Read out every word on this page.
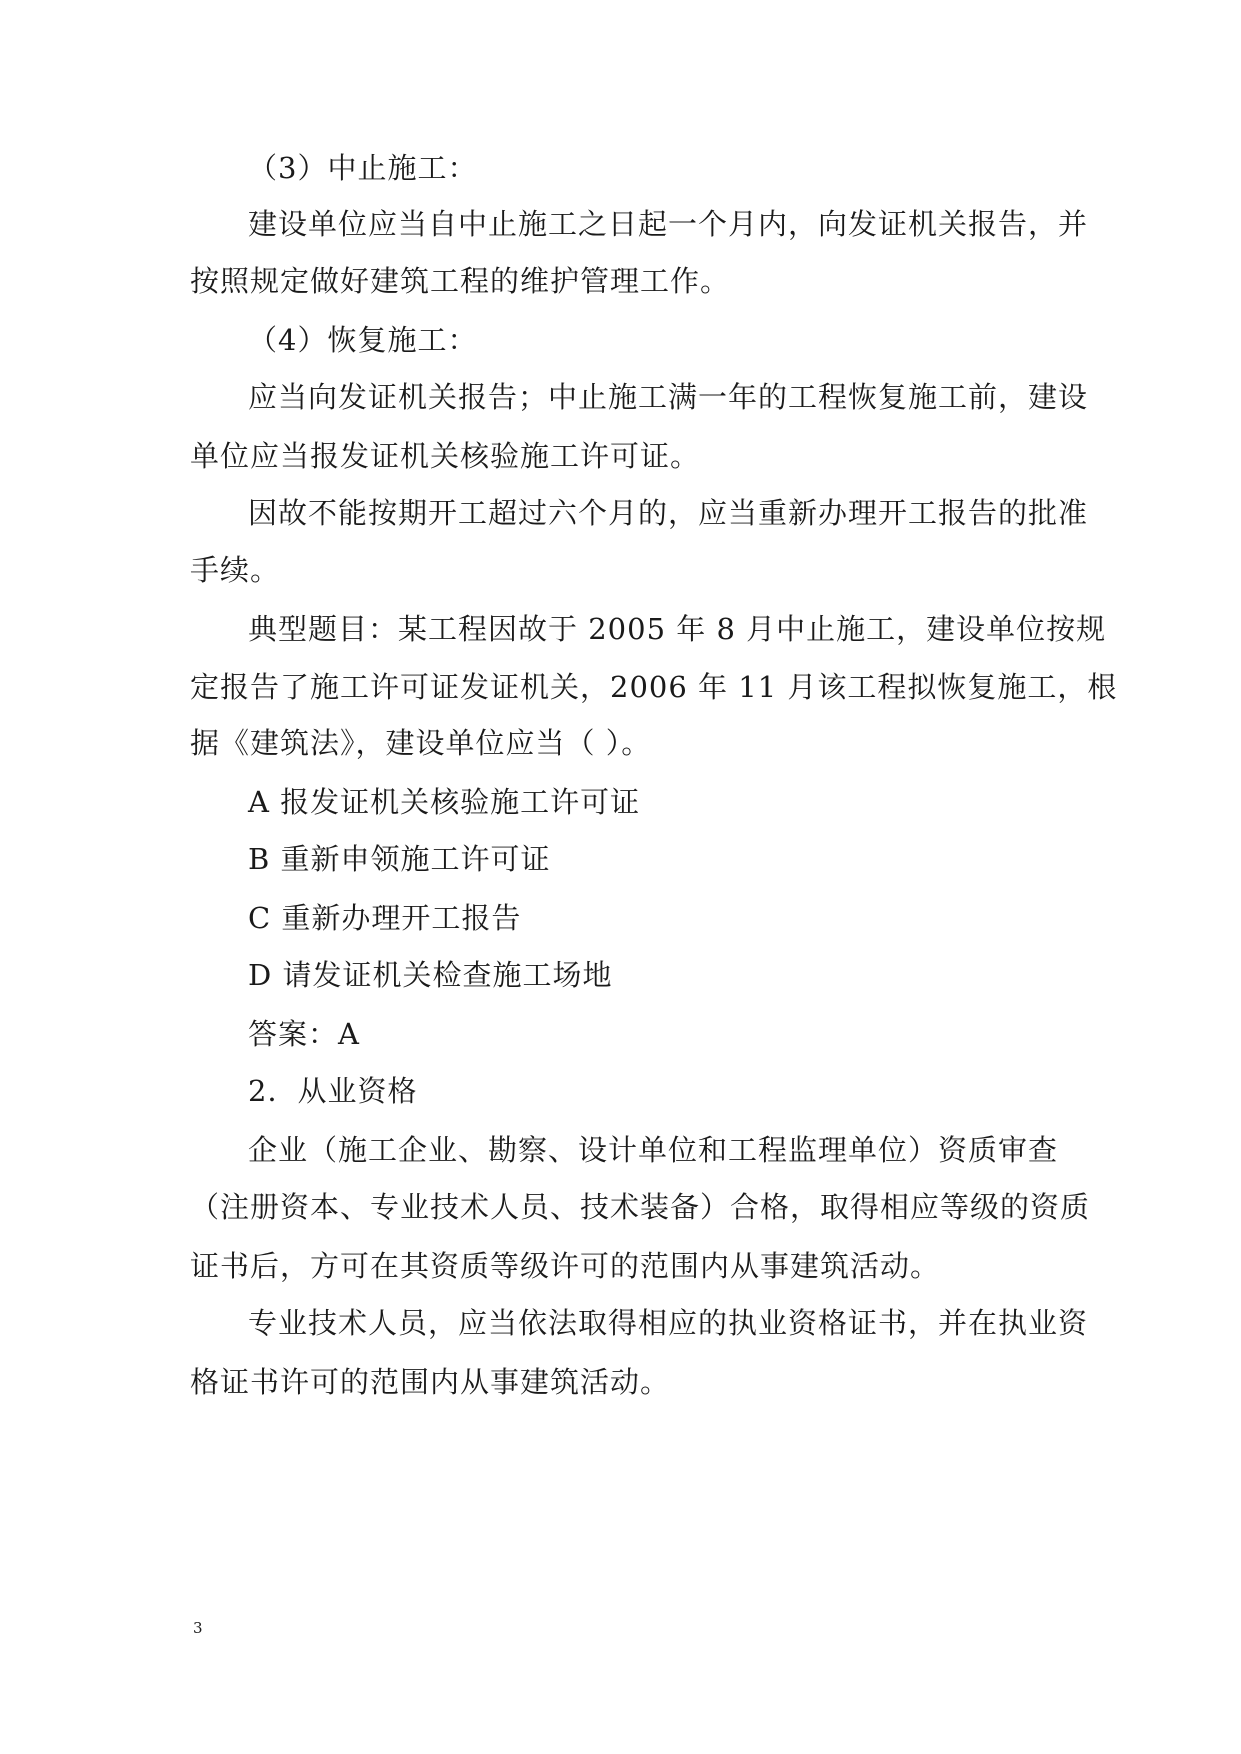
（3）中止施工：
建设单位应当自中止施工之日起一个月内，向发证机关报告，并
按照规定做好建筑工程的维护管理工作。
（4）恢复施工：
应当向发证机关报告；中止施工满一年的工程恢复施工前，建设
单位应当报发证机关核验施工许可证。
因故不能按期开工超过六个月的，应当重新办理开工报告的批准
手续。
典型题目：某工程因故于 2005 年 8 月中止施工，建设单位按规
定报告了施工许可证发证机关，2006 年 11 月该工程拟恢复施工，根
据《建筑法》，建设单位应当（ ）。
A 报发证机关核验施工许可证
B 重新申领施工许可证
C 重新办理开工报告
D 请发证机关检查施工场地
答案：A
2．从业资格
企业（施工企业、勘察、设计单位和工程监理单位）资质审查
（注册资本、专业技术人员、技术装备）合格，取得相应等级的资质
证书后，方可在其资质等级许可的范围内从事建筑活动。
专业技术人员，应当依法取得相应的执业资格证书，并在执业资
格证书许可的范围内从事建筑活动。
3
